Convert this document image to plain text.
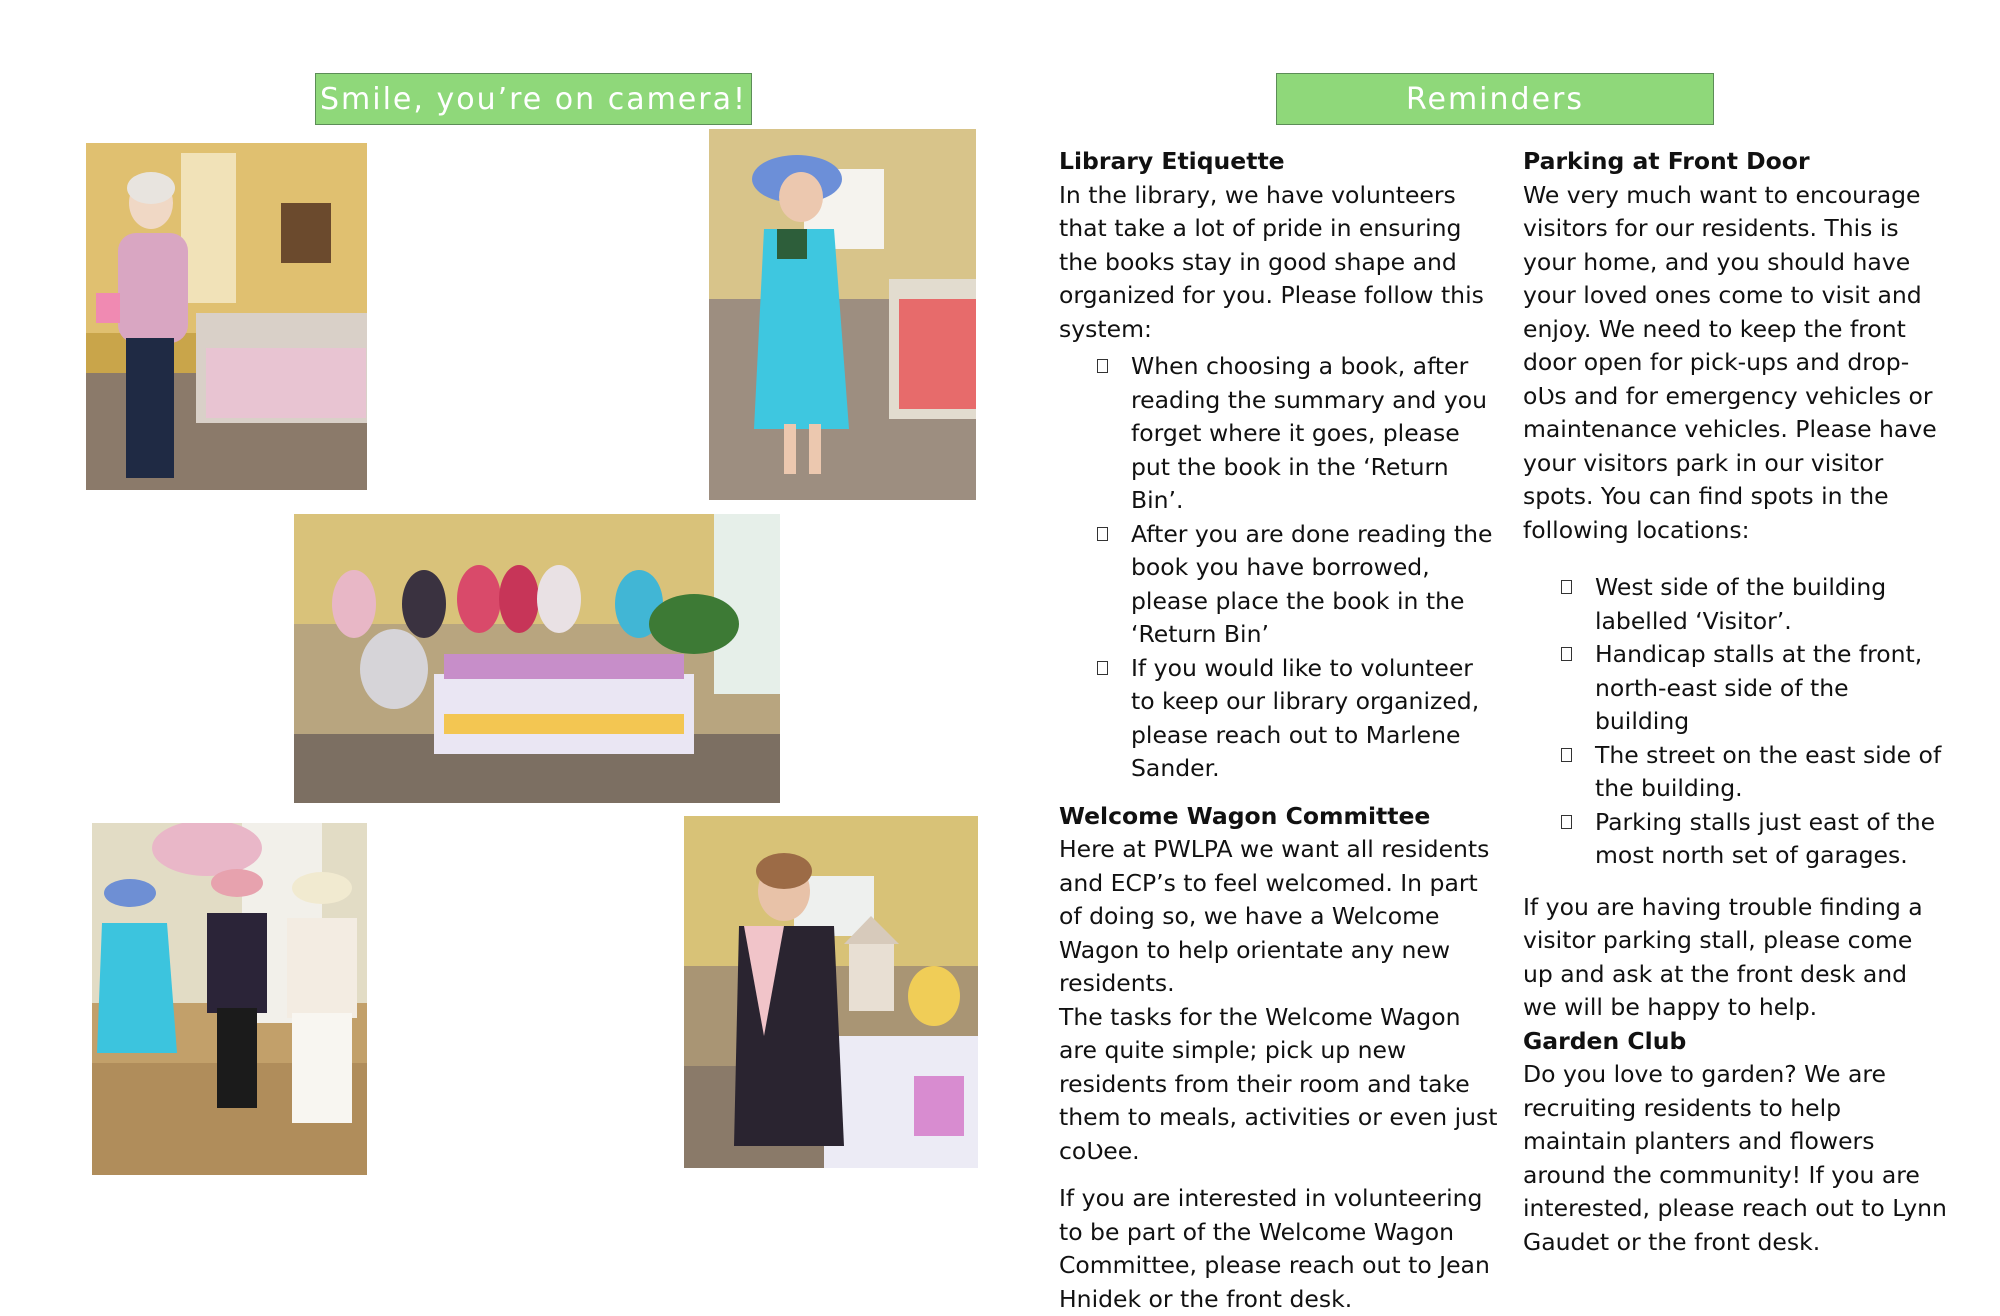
Smile, you’re on camera!	Reminders
Library Etiquette

In the library, we have volunteers that take a lot of pride in ensuring the books stay in good shape and organized for you. Please follow this system:

When choosing a book, after reading the summary and you forget where it goes, please put the book in the ‘Return Bin’.
After you are done reading the book you have borrowed, please place the book in the ‘Return Bin’
If you would like to volunteer to keep our library organized, please reach out to Marlene Sander.
Welcome Wagon Committee

Here at PWLPA we want all residents and ECP’s to feel welcomed. In part of doing so, we have a Welcome Wagon to help orientate any new residents.

The tasks for the Welcome Wagon are quite simple; pick up new residents from their room and take them to meals, activities or even just coƲee.

If you are interested in volunteering to be part of the Welcome Wagon Committee, please reach out to Jean Hnidek or the front desk.

Parking at Front Door

We very much want to encourage visitors for our residents. This is your home, and you should have your loved ones come to visit and enjoy. We need to keep the front door open for pick-ups and drop-oƲs and for emergency vehicles or maintenance vehicles. Please have your visitors park in our visitor spots. You can find spots in the following locations:

West side of the building labelled ‘Visitor’.
Handicap stalls at the front, north-east side of the building
The street on the east side of the building.
Parking stalls just east of the most north set of garages.

If you are having trouble finding a visitor parking stall, please come up and ask at the front desk and we will be happy to help.

Garden Club

Do you love to garden? We are recruiting residents to help maintain planters and flowers around the community! If you are interested, please reach out to Lynn Gaudet or the front desk.
